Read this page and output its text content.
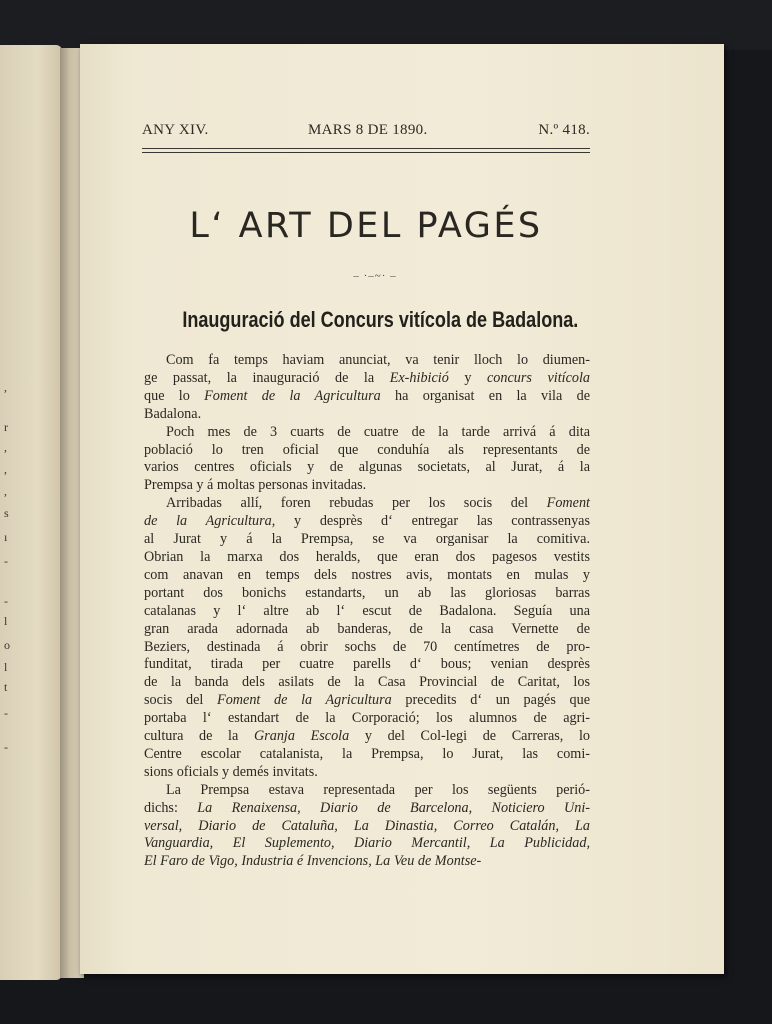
,
r
,
,
,
s
ı
-
-
l
o
l
t
-
-
ANY XIV.	MARS 8 DE 1890.	N.º 418.
L‘ ART DEL PAGÉS
– ·–~· –
Inauguració del Concurs vitícola de Badalona.
Com fa temps haviam anunciat, va tenir lloch lo diumen-
ge passat, la inauguració de la Ex-hibició y concurs vitícola
que lo Foment de la Agricultura ha organisat en la vila de
Badalona.
Poch mes de 3 cuarts de cuatre de la tarde arrivá á dita
població lo tren oficial que conduhía als representants de
varios centres oficials y de algunas societats, al Jurat, á la
Prempsa y á moltas personas invitadas.
Arribadas allí, foren rebudas per los socis del Foment
de la Agricultura, y desprès d‘ entregar las contrassenyas
al Jurat y á la Prempsa, se va organisar la comitiva.
Obrian la marxa dos heralds, que eran dos pagesos vestits
com anavan en temps dels nostres avis, montats en mulas y
portant dos bonichs estandarts, un ab las gloriosas barras
catalanas y l‘ altre ab l‘ escut de Badalona. Seguía una
gran arada adornada ab banderas, de la casa Vernette de
Beziers, destinada á obrir sochs de 70 centímetres de pro-
funditat, tirada per cuatre parells d‘ bous; venian desprès
de la banda dels asilats de la Casa Provincial de Caritat, los
socis del Foment de la Agricultura precedits d‘ un pagés que
portaba l‘ estandart de la Corporació; los alumnos de agri-
cultura de la Granja Escola y del Col-legi de Carreras, lo
Centre escolar catalanista, la Prempsa, lo Jurat, las comi-
sions oficials y demés invitats.
La Prempsa estava representada per los següents perió-
dichs: La Renaixensa, Diario de Barcelona, Noticiero Uni-
versal, Diario de Cataluña, La Dinastia, Correo Catalán, La
Vanguardia, El Suplemento, Diario Mercantil, La Publicidad,
El Faro de Vigo, Industria é Invencions, La Veu de Montse-
